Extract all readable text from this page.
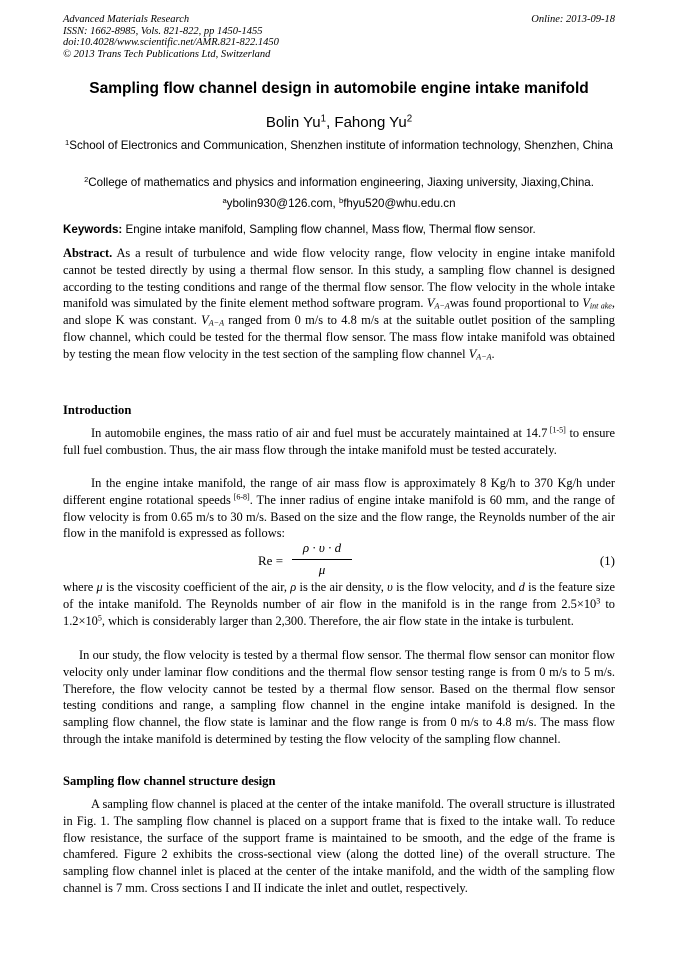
Advanced Materials Research
ISSN: 1662-8985, Vols. 821-822, pp 1450-1455
doi:10.4028/www.scientific.net/AMR.821-822.1450
© 2013 Trans Tech Publications Ltd, Switzerland
Online: 2013-09-18
Sampling flow channel design in automobile engine intake manifold
Bolin Yu$^1$, Fahong Yu$^2$
$^1$School of Electronics and Communication, Shenzhen institute of information technology, Shenzhen, China
$^2$College of mathematics and physics and information engineering, Jiaxing university, Jiaxing,China.
$^a$ybolin930@126.com, $^b$fhyu520@whu.edu.cn
Keywords: Engine intake manifold, Sampling flow channel, Mass flow, Thermal flow sensor.
Abstract. As a result of turbulence and wide flow velocity range, flow velocity in engine intake manifold cannot be tested directly by using a thermal flow sensor. In this study, a sampling flow channel is designed according to the testing conditions and range of the thermal flow sensor. The flow velocity in the whole intake manifold was simulated by the finite element method software program. $V_{A-A}was$ found proportional to $V_{int ake}$, and slope K was constant. $V_{A-A}$ ranged from 0 m/s to 4.8 m/s at the suitable outlet position of the sampling flow channel, which could be tested for the thermal flow sensor. The mass flow intake manifold was obtained by testing the mean flow velocity in the test section of the sampling flow channel $V_{A-A}$.
Introduction
In automobile engines, the mass ratio of air and fuel must be accurately maintained at 14.7 [1-5] to ensure full fuel combustion. Thus, the air mass flow through the intake manifold must be tested accurately.
In the engine intake manifold, the range of air mass flow is approximately 8 Kg/h to 370 Kg/h under different engine rotational speeds [6-8]. The inner radius of engine intake manifold is 60 mm, and the range of flow velocity is from 0.65 m/s to 30 m/s. Based on the size and the flow range, the Reynolds number of the air flow in the manifold is expressed as follows:
$Re = \frac{\rho \cdot \upsilon \cdot d}{\mu}$	(1)
where μ is the viscosity coefficient of the air, ρ is the air density, υ is the flow velocity, and d is the feature size of the intake manifold. The Reynolds number of air flow in the manifold is in the range from $2.5\times 10^3$ to $1.2\times 10^5$, which is considerably larger than 2,300. Therefore, the air flow state in the intake is turbulent.
In our study, the flow velocity is tested by a thermal flow sensor. The thermal flow sensor can monitor flow velocity only under laminar flow conditions and the thermal flow sensor testing range is from 0 m/s to 5 m/s. Therefore, the flow velocity cannot be tested by a thermal flow sensor. Based on the thermal flow sensor testing conditions and range, a sampling flow channel in the engine intake manifold is designed. In the sampling flow channel, the flow state is laminar and the flow range is from 0 m/s to 4.8 m/s. The mass flow through the intake manifold is determined by testing the flow velocity of the sampling flow channel.
Sampling flow channel structure design
A sampling flow channel is placed at the center of the intake manifold. The overall structure is illustrated in Fig. 1. The sampling flow channel is placed on a support frame that is fixed to the intake wall. To reduce flow resistance, the surface of the support frame is maintained to be smooth, and the edge of the frame is chamfered. Figure 2 exhibits the cross-sectional view (along the dotted line) of the overall structure. The sampling flow channel inlet is placed at the center of the intake manifold, and the width of the sampling flow channel is 7 mm. Cross sections I and II indicate the inlet and outlet, respectively.
